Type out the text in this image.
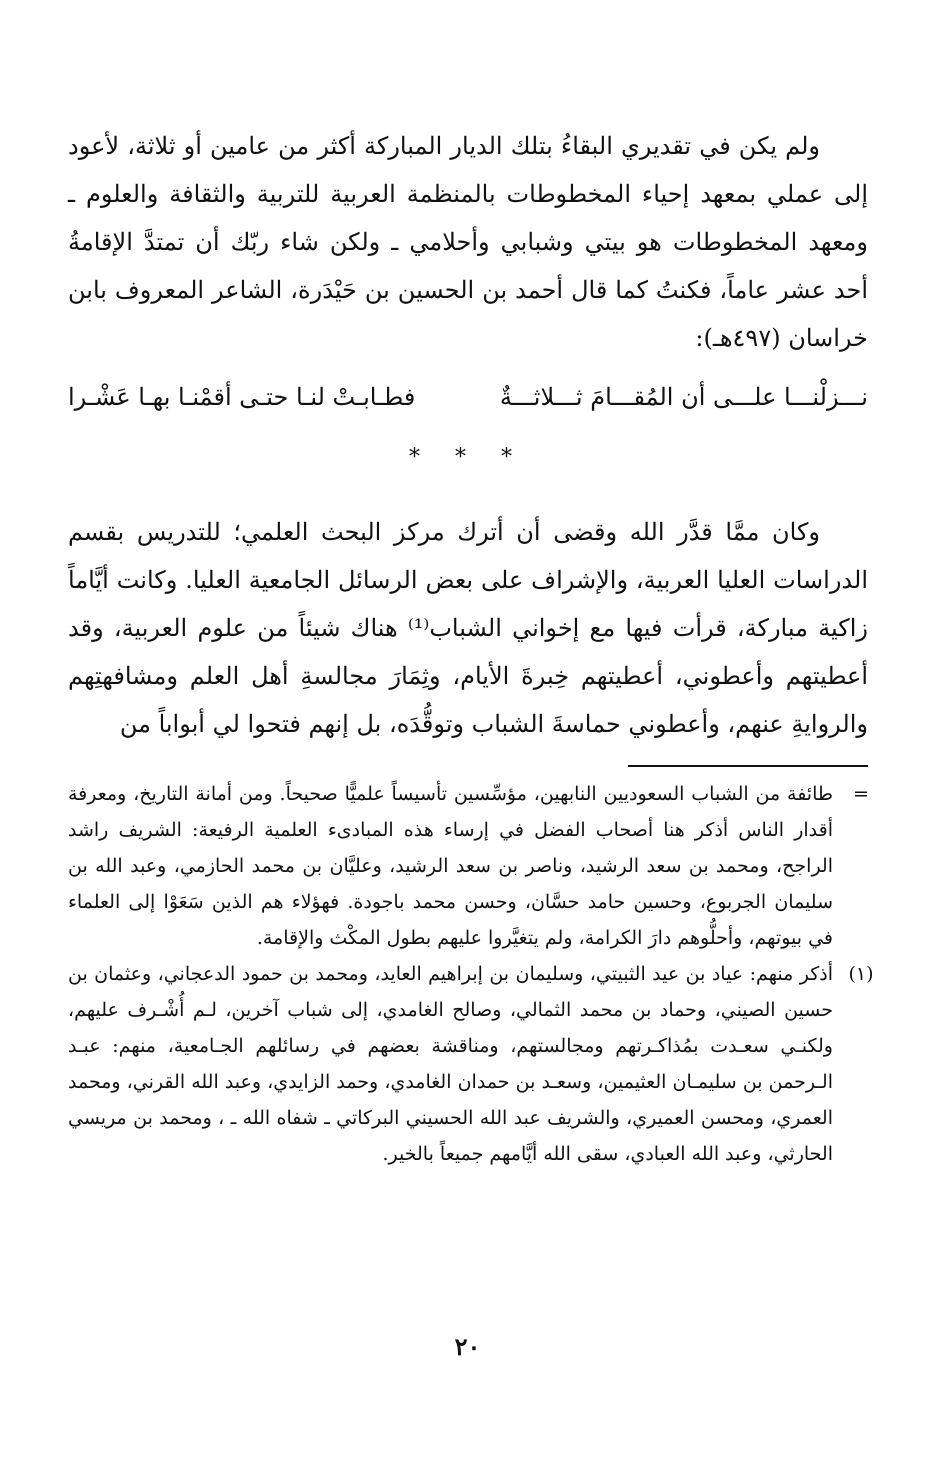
ولم يكن في تقديري البقاءُ بتلك الديار المباركة أكثر من عامين أو ثلاثة، لأعود إلى عملي بمعهد إحياء المخطوطات بالمنظمة العربية للتربية والثقافة والعلوم ـ ومعهد المخطوطات هو بيتي وشبابي وأحلامي ـ ولكن شاء ربّك أن تمتدَّ الإقامةُ أحد عشر عاماً، فكنتُ كما قال أحمد بن الحسين بن حَيْدَرة، الشاعر المعروف بابن خراسان (٤٩٧هـ):

نـــزلْنـــا علـــى أن المُقـــامَ ثـــلاثـــةٌ
فطـابـتْ لنـا حتـى أقمْنـا بهـا عَشْـرا
* * *

وكان ممَّا قدَّر الله وقضى أن أترك مركز البحث العلمي؛ للتدريس بقسم الدراسات العليا العربية، والإشراف على بعض الرسائل الجامعية العليا. وكانت أيَّاماً زاكية مباركة، قرأت فيها مع إخواني الشباب⁽¹⁾ هناك شيئاً من علوم العربية، وقد أعطيتهم وأعطوني، أعطيتهم خِبرةَ الأيام، وثِمَارَ مجالسةِ أهل العلم ومشافهتِهم والروايةِ عنهم، وأعطوني حماسةَ الشباب وتوقُّدَه، بل إنهم فتحوا لي أبواباً من

=
طائفة من الشباب السعوديين النابهين، مؤسِّسين تأسيساً علميًّا صحيحاً. ومن أمانة التاريخ، ومعرفة أقدار الناس أذكر هنا أصحاب الفضل في إرساء هذه المبادىء العلمية الرفيعة: الشريف راشد الراجح، ومحمد بن سعد الرشيد، وناصر بن سعد الرشيد، وعليَّان بن محمد الحازمي، وعبد الله بن سليمان الجربوع، وحسين حامد حسَّان، وحسن محمد باجودة. فهؤلاء هم الذين سَعَوْا إلى العلماء في بيوتهم، وأحلُّوهم دارَ الكرامة، ولم يتغيَّروا عليهم بطول المكْث والإقامة.
(١)
أذكر منهم: عياد بن عيد الثبيتي، وسليمان بن إبراهيم العايد، ومحمد بن حمود الدعجاني، وعثمان بن حسين الصيني، وحماد بن محمد الثمالي، وصالح الغامدي، إلى شباب آخرين، لـم أُشْـرف عليهم، ولكنـي سعـدت بمُذاكـرتهم ومجالستهم، ومناقشة بعضهم في رسائلهم الجـامعية، منهم: عبـد الـرحمن بن سليمـان العثيمين، وسعـد بن حمدان الغامدي، وحمد الزايدي، وعبد الله القرني، ومحمد العمري، ومحسن العميري، والشريف عبد الله الحسيني البركاتي ـ شفاه الله ـ ، ومحمد بن مريسي الحارثي، وعبد الله العبادي، سقى الله أيَّامهم جميعاً بالخير.
٢٠
